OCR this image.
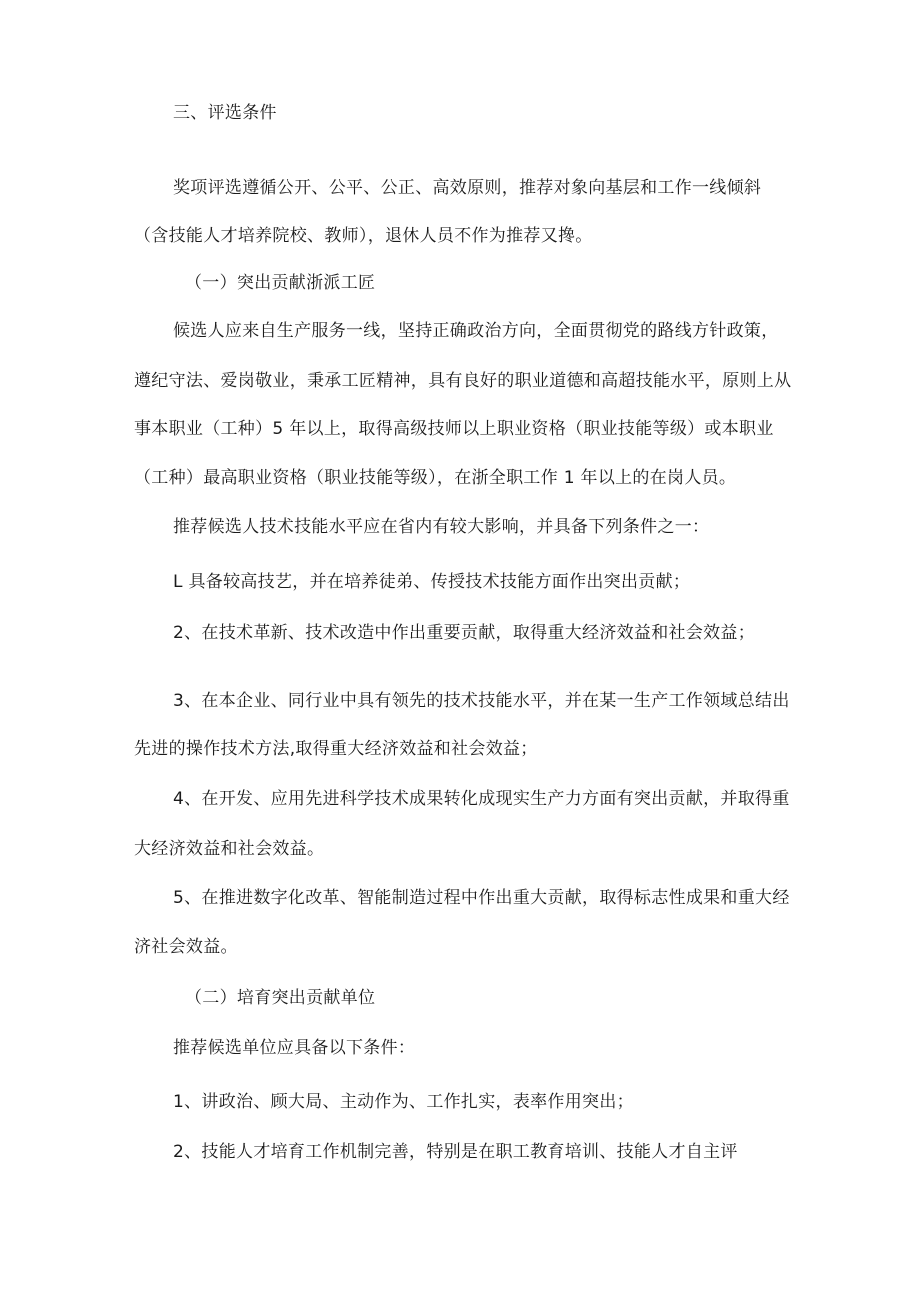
三、评选条件
奖项评选遵循公开、公平、公正、高效原则，推荐对象向基层和工作一线倾斜
（含技能人才培养院校、教师），退休人员不作为推荐又搀。
（一）突出贡献浙派工匠
候选人应来自生产服务一线，坚持正确政治方向，全面贯彻党的路线方针政策，
遵纪守法、爱岗敬业，秉承工匠精神，具有良好的职业道德和高超技能水平，原则上从
事本职业（工种）5 年以上，取得高级技师以上职业资格（职业技能等级）或本职业
（工种）最高职业资格（职业技能等级），在浙全职工作 1 年以上的在岗人员。
推荐候选人技术技能水平应在省内有较大影响，并具备下列条件之一：
L 具备较高技艺，并在培养徒弟、传授技术技能方面作出突出贡献；
2、在技术革新、技术改造中作出重要贡献，取得重大经济效益和社会效益；
3、在本企业、同行业中具有领先的技术技能水平，并在某一生产工作领域总结出
先进的操作技术方法,取得重大经济效益和社会效益；
4、在开发、应用先进科学技术成果转化成现实生产力方面有突出贡献，并取得重
大经济效益和社会效益。
5、在推进数字化改革、智能制造过程中作出重大贡献，取得标志性成果和重大经
济社会效益。
（二）培育突出贡献单位
推荐候选单位应具备以下条件：
1、讲政治、顾大局、主动作为、工作扎实，表率作用突出；
2、技能人才培育工作机制完善，特别是在职工教育培训、技能人才自主评
